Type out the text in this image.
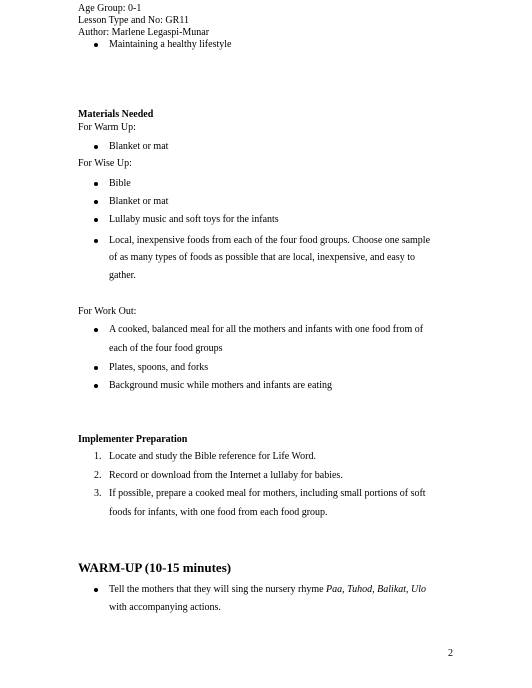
Age Group: 0-1
Lesson Type and No: GR11
Author: Marlene Legaspi-Munar
Maintaining a healthy lifestyle
Materials Needed
For Warm Up:
Blanket or mat
For Wise Up:
Bible
Blanket or mat
Lullaby music and soft toys for the infants
Local, inexpensive foods from each of the four food groups. Choose one sample
of as many types of foods as possible that are local, inexpensive, and easy to
gather.
For Work Out:
A cooked, balanced meal for all the mothers and infants with one food from of
each of the four food groups
Plates, spoons, and forks
Background music while mothers and infants are eating
Implementer Preparation
1. Locate and study the Bible reference for Life Word.
2. Record or download from the Internet a lullaby for babies.
3. If possible, prepare a cooked meal for mothers, including small portions of soft
foods for infants, with one food from each food group.
WARM-UP (10-15 minutes)
Tell the mothers that they will sing the nursery rhyme Paa, Tuhod, Balikat, Ulo
with accompanying actions.
2
